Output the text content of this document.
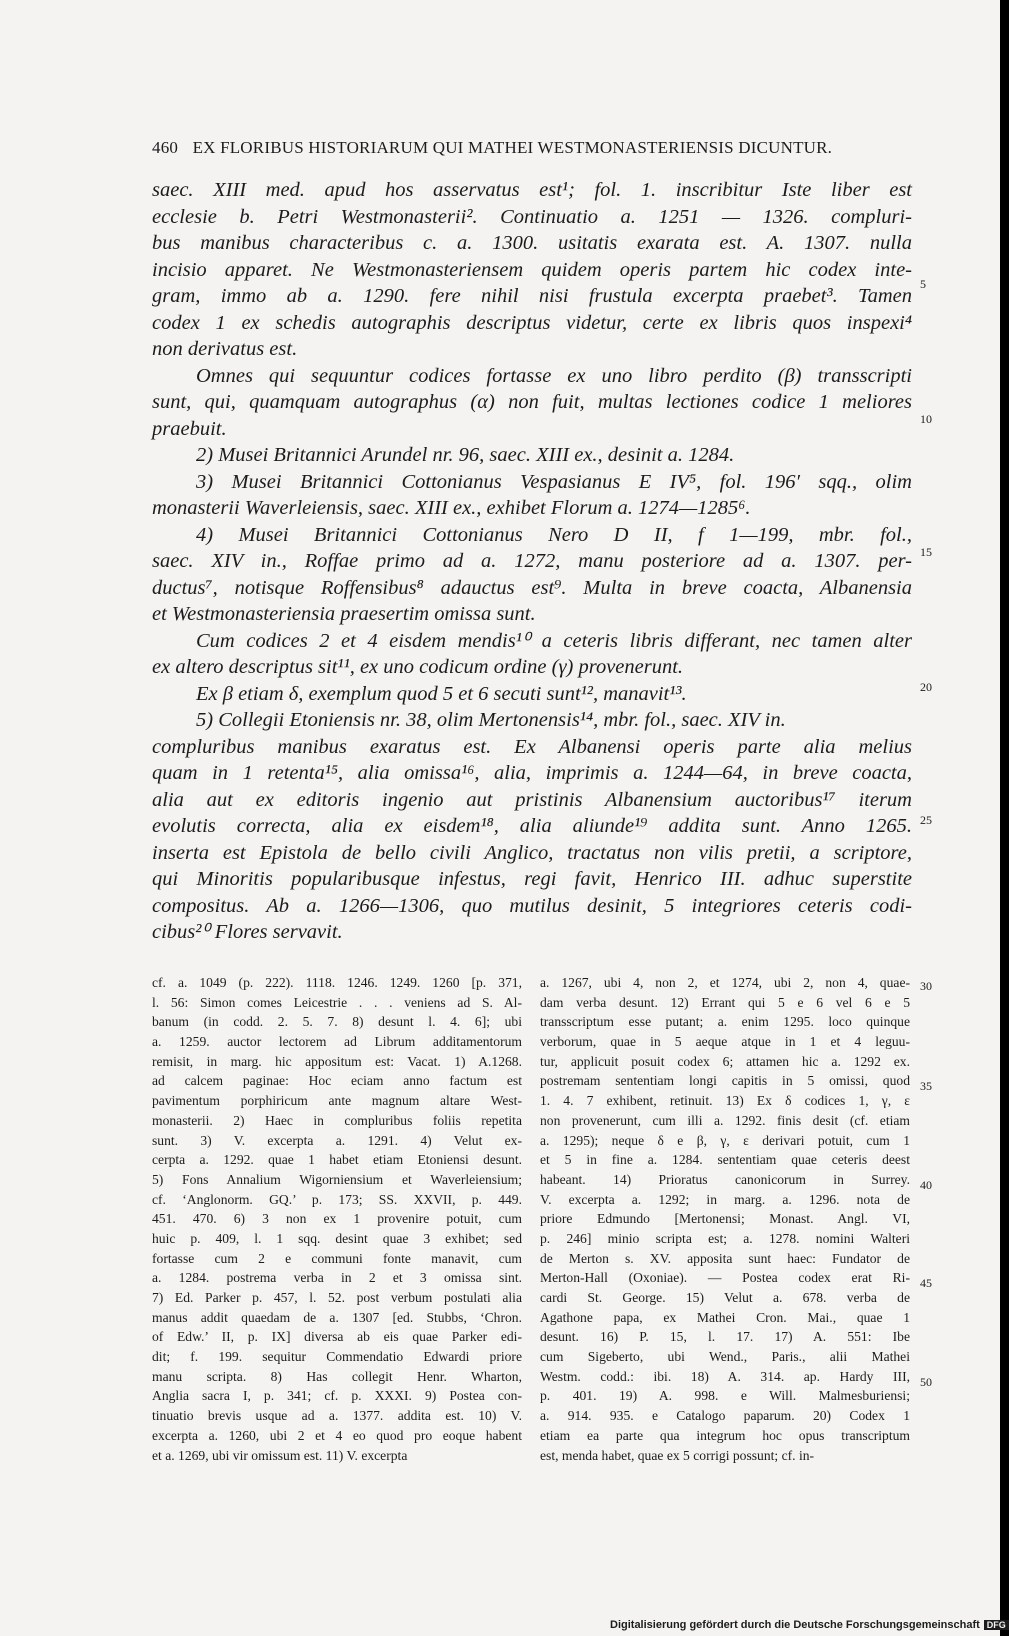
460 EX FLORIBUS HISTORIARUM QUI MATHEI WESTMONASTERIENSIS DICUNTUR.
saec. XIII med. apud hos asservatus est¹; fol. 1. inscribitur Iste liber est
ecclesie b. Petri Westmonasterii². Continuatio a. 1251 — 1326. compluri-
bus manibus characteribus c. a. 1300. usitatis exarata est. A. 1307. nulla
incisio apparet. Ne Westmonasteriensem quidem operis partem hic codex inte-
gram, immo ab a. 1290. fere nihil nisi frustula excerpta praebet³. Tamen
codex 1 ex schedis autographis descriptus videtur, certe ex libris quos inspexi⁴
non derivatus est.
Omnes qui sequuntur codices fortasse ex uno libro perdito (β) transscripti
sunt, qui, quamquam autographus (α) non fuit, multas lectiones codice 1 meliores
praebuit.
2) Musei Britannici Arundel nr. 96, saec. XIII ex., desinit a. 1284.
3) Musei Britannici Cottonianus Vespasianus E IV⁵, fol. 196′ sqq., olim
monasterii Waverleiensis, saec. XIII ex., exhibet Florum a. 1274—1285⁶.
4) Musei Britannici Cottonianus Nero D II, f 1—199, mbr. fol.,
saec. XIV in., Roffae primo ad a. 1272, manu posteriore ad a. 1307. per-
ductus⁷, notisque Roffensibus⁸ adauctus est⁹. Multa in breve coacta, Albanensia
et Westmonasteriensia praesertim omissa sunt.
Cum codices 2 et 4 eisdem mendis¹⁰ a ceteris libris differant, nec tamen alter
ex altero descriptus sit¹¹, ex uno codicum ordine (γ) provenerunt.
Ex β etiam δ, exemplum quod 5 et 6 secuti sunt¹², manavit¹³.
5) Collegii Etoniensis nr. 38, olim Mertonensis¹⁴, mbr. fol., saec. XIV in.
compluribus manibus exaratus est. Ex Albanensi operis parte alia melius
quam in 1 retenta¹⁵, alia omissa¹⁶, alia, imprimis a. 1244—64, in breve coacta,
alia aut ex editoris ingenio aut pristinis Albanensium auctoribus¹⁷ iterum
evolutis correcta, alia ex eisdem¹⁸, alia aliunde¹⁹ addita sunt. Anno 1265.
inserta est Epistola de bello civili Anglico, tractatus non vilis pretii, a scriptore,
qui Minoritis popularibusque infestus, regi favit, Henrico III. adhuc superstite
compositus. Ab a. 1266—1306, quo mutilus desinit, 5 integriores ceteris codi-
cibus²⁰ Flores servavit.
5
10
15
20
25
cf. a. 1049 (p. 222). 1118. 1246. 1249. 1260 [p. 371,
l. 56: Simon comes Leicestrie . . . veniens ad S. Al-
banum (in codd. 2. 5. 7. 8) desunt l. 4. 6]; ubi
a. 1259. auctor lectorem ad Librum additamentorum
remisit, in marg. hic appositum est: Vacat. 1) A.1268.
ad calcem paginae: Hoc eciam anno factum est
pavimentum porphiricum ante magnum altare West-
monasterii. 2) Haec in compluribus foliis repetita
sunt. 3) V. excerpta a. 1291. 4) Velut ex-
cerpta a. 1292. quae 1 habet etiam Etoniensi desunt.
5) Fons Annalium Wigorniensium et Waverleiensium;
cf. ‘Anglonorm. GQ.’ p. 173; SS. XXVII, p. 449.
451. 470. 6) 3 non ex 1 provenire potuit, cum
huic p. 409, l. 1 sqq. desint quae 3 exhibet; sed
fortasse cum 2 e communi fonte manavit, cum
a. 1284. postrema verba in 2 et 3 omissa sint.
7) Ed. Parker p. 457, l. 52. post verbum postulati alia
manus addit quaedam de a. 1307 [ed. Stubbs, ‘Chron.
of Edw.’ II, p. IX] diversa ab eis quae Parker edi-
dit; f. 199. sequitur Commendatio Edwardi priore
manu scripta. 8) Has collegit Henr. Wharton,
Anglia sacra I, p. 341; cf. p. XXXI. 9) Postea con-
tinuatio brevis usque ad a. 1377. addita est. 10) V.
excerpta a. 1260, ubi 2 et 4 eo quod pro eoque habent
et a. 1269, ubi vir omissum est. 11) V. excerpta
a. 1267, ubi 4, non 2, et 1274, ubi 2, non 4, quae-
dam verba desunt. 12) Errant qui 5 e 6 vel 6 e 5
transscriptum esse putant; a. enim 1295. loco quinque
verborum, quae in 5 aeque atque in 1 et 4 leguu-
tur, applicuit posuit codex 6; attamen hic a. 1292 ex.
postremam sententiam longi capitis in 5 omissi, quod
1. 4. 7 exhibent, retinuit. 13) Ex δ codices 1, γ, ε
non provenerunt, cum illi a. 1292. finis desit (cf. etiam
a. 1295); neque δ e β, γ, ε derivari potuit, cum 1
et 5 in fine a. 1284. sententiam quae ceteris deest
habeant. 14) Prioratus canonicorum in Surrey.
V. excerpta a. 1292; in marg. a. 1296. nota de
priore Edmundo [Mertonensi; Monast. Angl. VI,
p. 246] minio scripta est; a. 1278. nomini Walteri
de Merton s. XV. apposita sunt haec: Fundator de
Merton-Hall (Oxoniae). — Postea codex erat Ri-
cardi St. George. 15) Velut a. 678. verba de
Agathone papa, ex Mathei Cron. Mai., quae 1
desunt. 16) P. 15, l. 17. 17) A. 551: Ibe
cum Sigeberto, ubi Wend., Paris., alii Mathei
Westm. codd.: ibi. 18) A. 314. ap. Hardy III,
p. 401. 19) A. 998. e Will. Malmesburiensi;
a. 914. 935. e Catalogo paparum. 20) Codex 1
etiam ea parte qua integrum hoc opus transcriptum
est, menda habet, quae ex 5 corrigi possunt; cf. in-
30
35
40
45
50
Digitalisierung gefördert durch die Deutsche Forschungsgemeinschaft DFG
